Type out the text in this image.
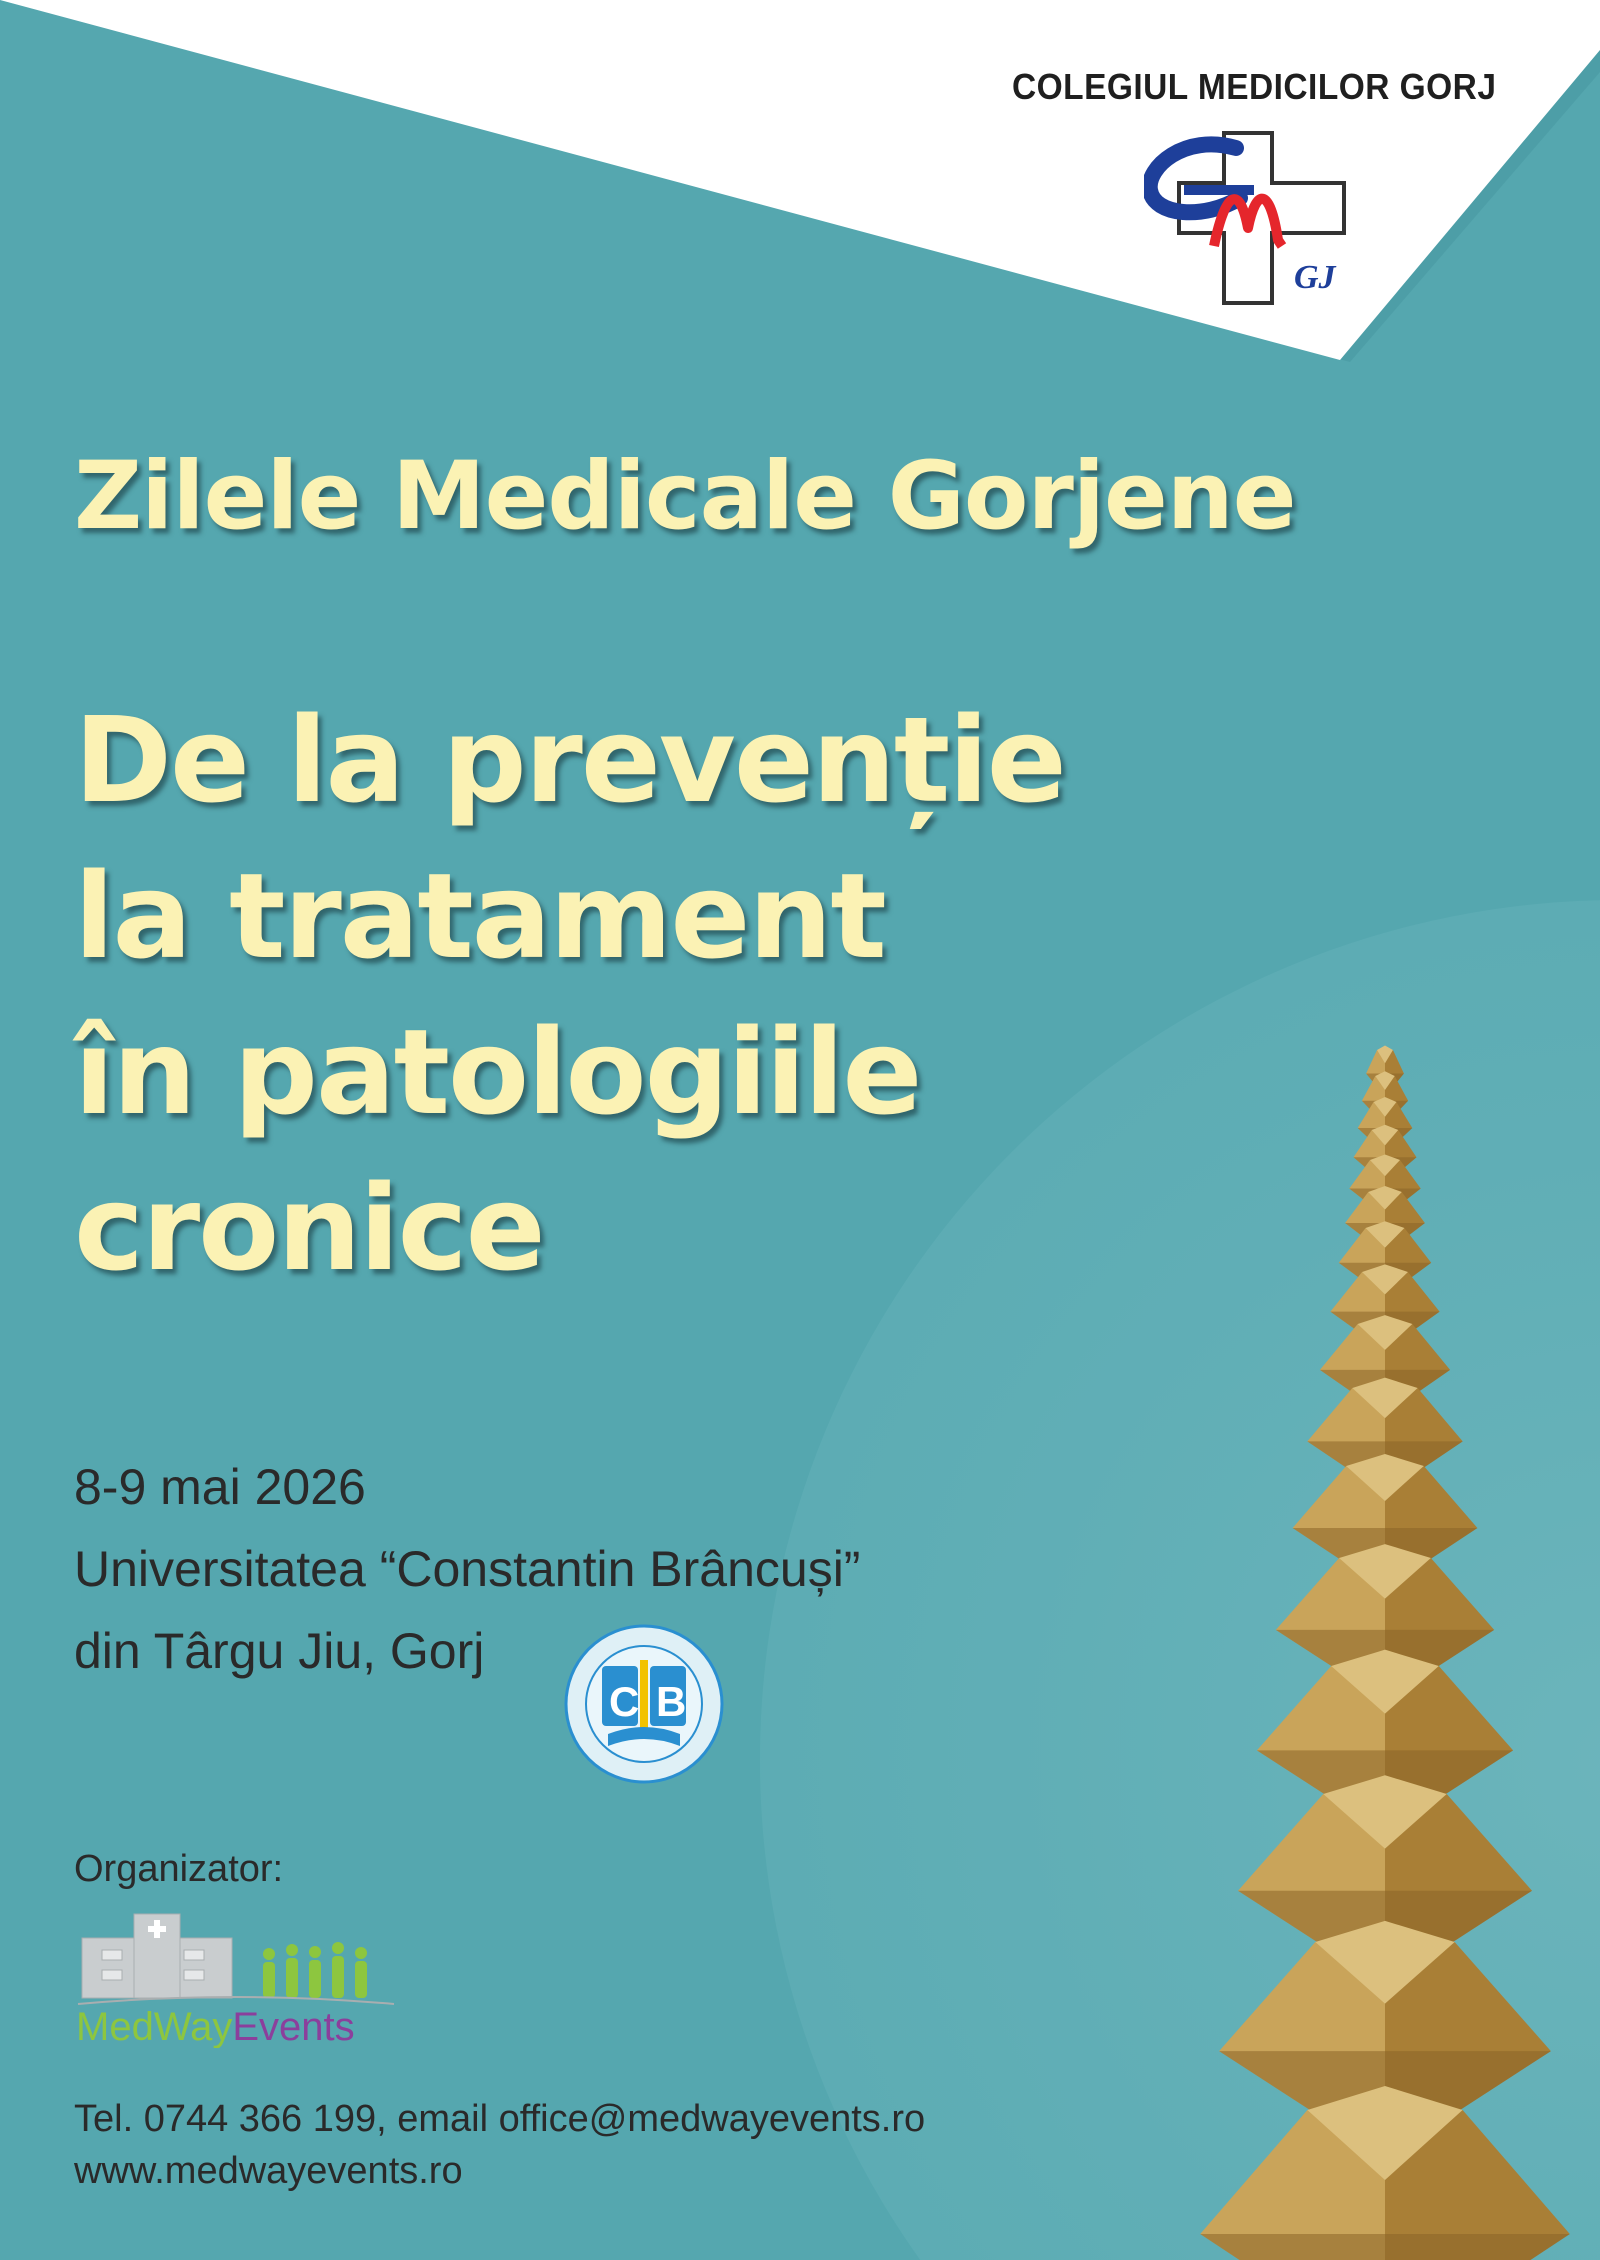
COLEGIUL MEDICILOR GORJ
GJ
Zilele Medicale Gorjene
De la prevenție
la tratament
în patologiile
cronice
8-9 mai 2026
Universitatea “Constantin Brâncuși”
din Târgu Jiu, Gorj
C B
Organizator:
MedWayEvents
Tel. 0744 366 199, email office@medwayevents.ro
www.medwayevents.ro
